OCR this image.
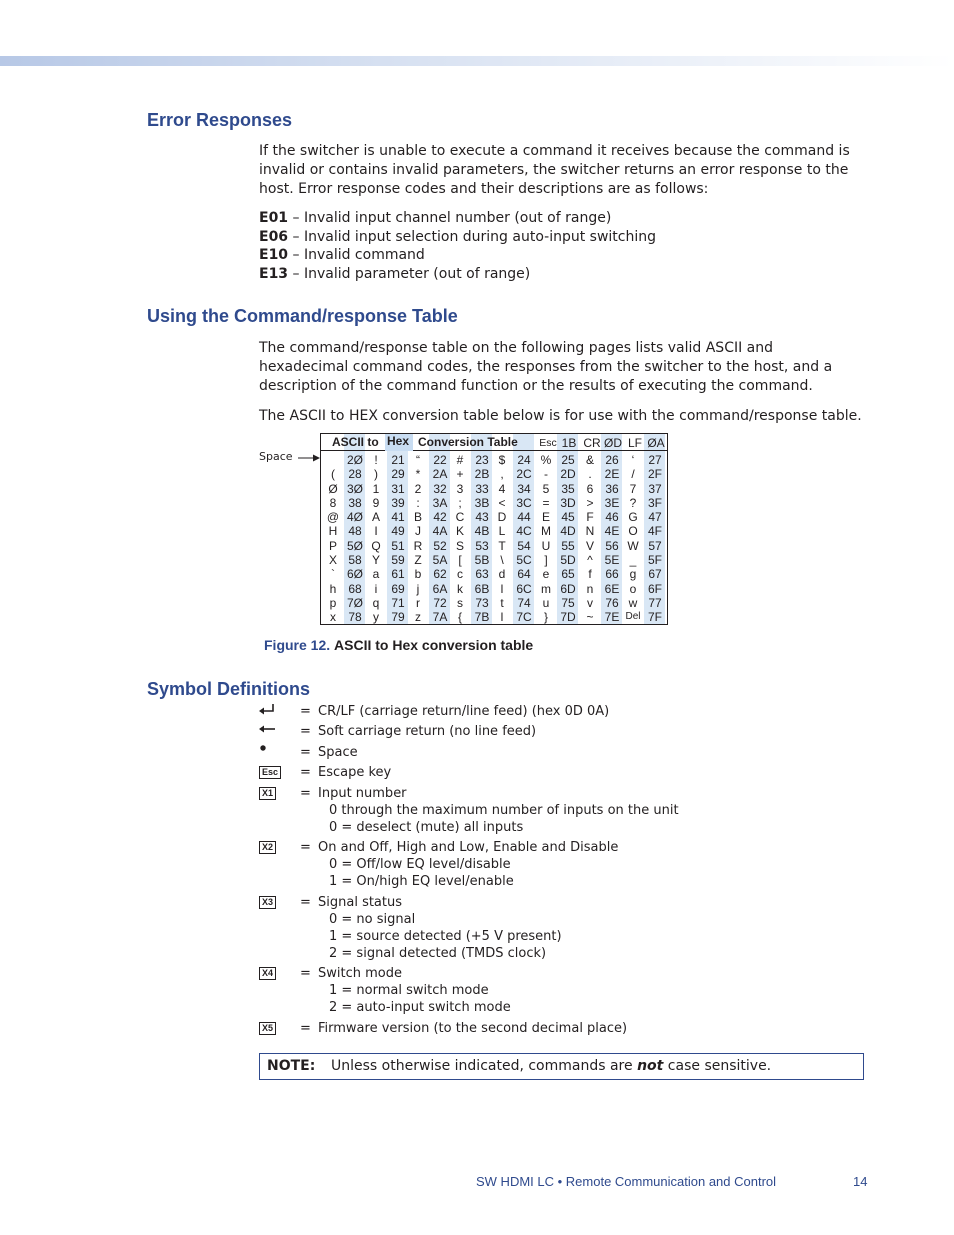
Error Responses
If the switcher is unable to execute a command it receives because the command is invalid or contains invalid parameters, the switcher returns an error response to the host. Error response codes and their descriptions are as follows:
E01 – Invalid input channel number (out of range)
E06 – Invalid input selection during auto-input switching
E10 – Invalid command
E13 – Invalid parameter (out of range)
Using the Command/response Table
The command/response table on the following pages lists valid ASCII and hexadecimal command codes, the responses from the switcher to the host, and a description of the command function or the results of executing the command.
The ASCII to HEX conversion table below is for use with the command/response table.
Space
ASCII to Hex Conversion Table Esc 1B CR ØD LF ØA
(
Ø
8
@
H
P
X
`
h
p
x
2Ø
28
3Ø
38
4Ø
48
5Ø
58
6Ø
68
7Ø
78
!
)
1
9
A
I
Q
Y
a
i
q
y
21
29
31
39
41
49
51
59
61
69
71
79
“
*
2
:
B
J
R
Z
b
j
r
z
22
2A
32
3A
42
4A
52
5A
62
6A
72
7A
#
+
3
;
C
K
S
[
c
k
s
{
23
2B
33
3B
43
4B
53
5B
63
6B
73
7B
$
,
4
<
D
L
T
\
d
l
t
l
24
2C
34
3C
44
4C
54
5C
64
6C
74
7C
%
-
5
=
E
M
U
]
e
m
u
}
25
2D
35
3D
45
4D
55
5D
65
6D
75
7D
&
.
6
>
F
N
V
^
f
n
v
~
26
2E
36
3E
46
4E
56
5E
66
6E
76
7E
‘
/
7
?
G
O
W
_
g
o
w
Del
27
2F
37
3F
47
4F
57
5F
67
6F
77
7F
Figure 12. ASCII to Hex conversion table
Symbol Definitions
= CR/LF (carriage return/line feed) (hex 0D 0A)
= Soft carriage return (no line feed)
= Space
Esc = Escape key
X1 = Input number
0 through the maximum number of inputs on the unit
0 = deselect (mute) all inputs
X2 = On and Off, High and Low, Enable and Disable
0 = Off/low EQ level/disable
1 = On/high EQ level/enable
X3 = Signal status
0 = no signal
1 = source detected (+5 V present)
2 = signal detected (TMDS clock)
X4 = Switch mode
1 = normal switch mode
2 = auto-input switch mode
X5 = Firmware version (to the second decimal place)
NOTE: Unless otherwise indicated, commands are not case sensitive.
SW HDMI LC • Remote Communication and Control	14
